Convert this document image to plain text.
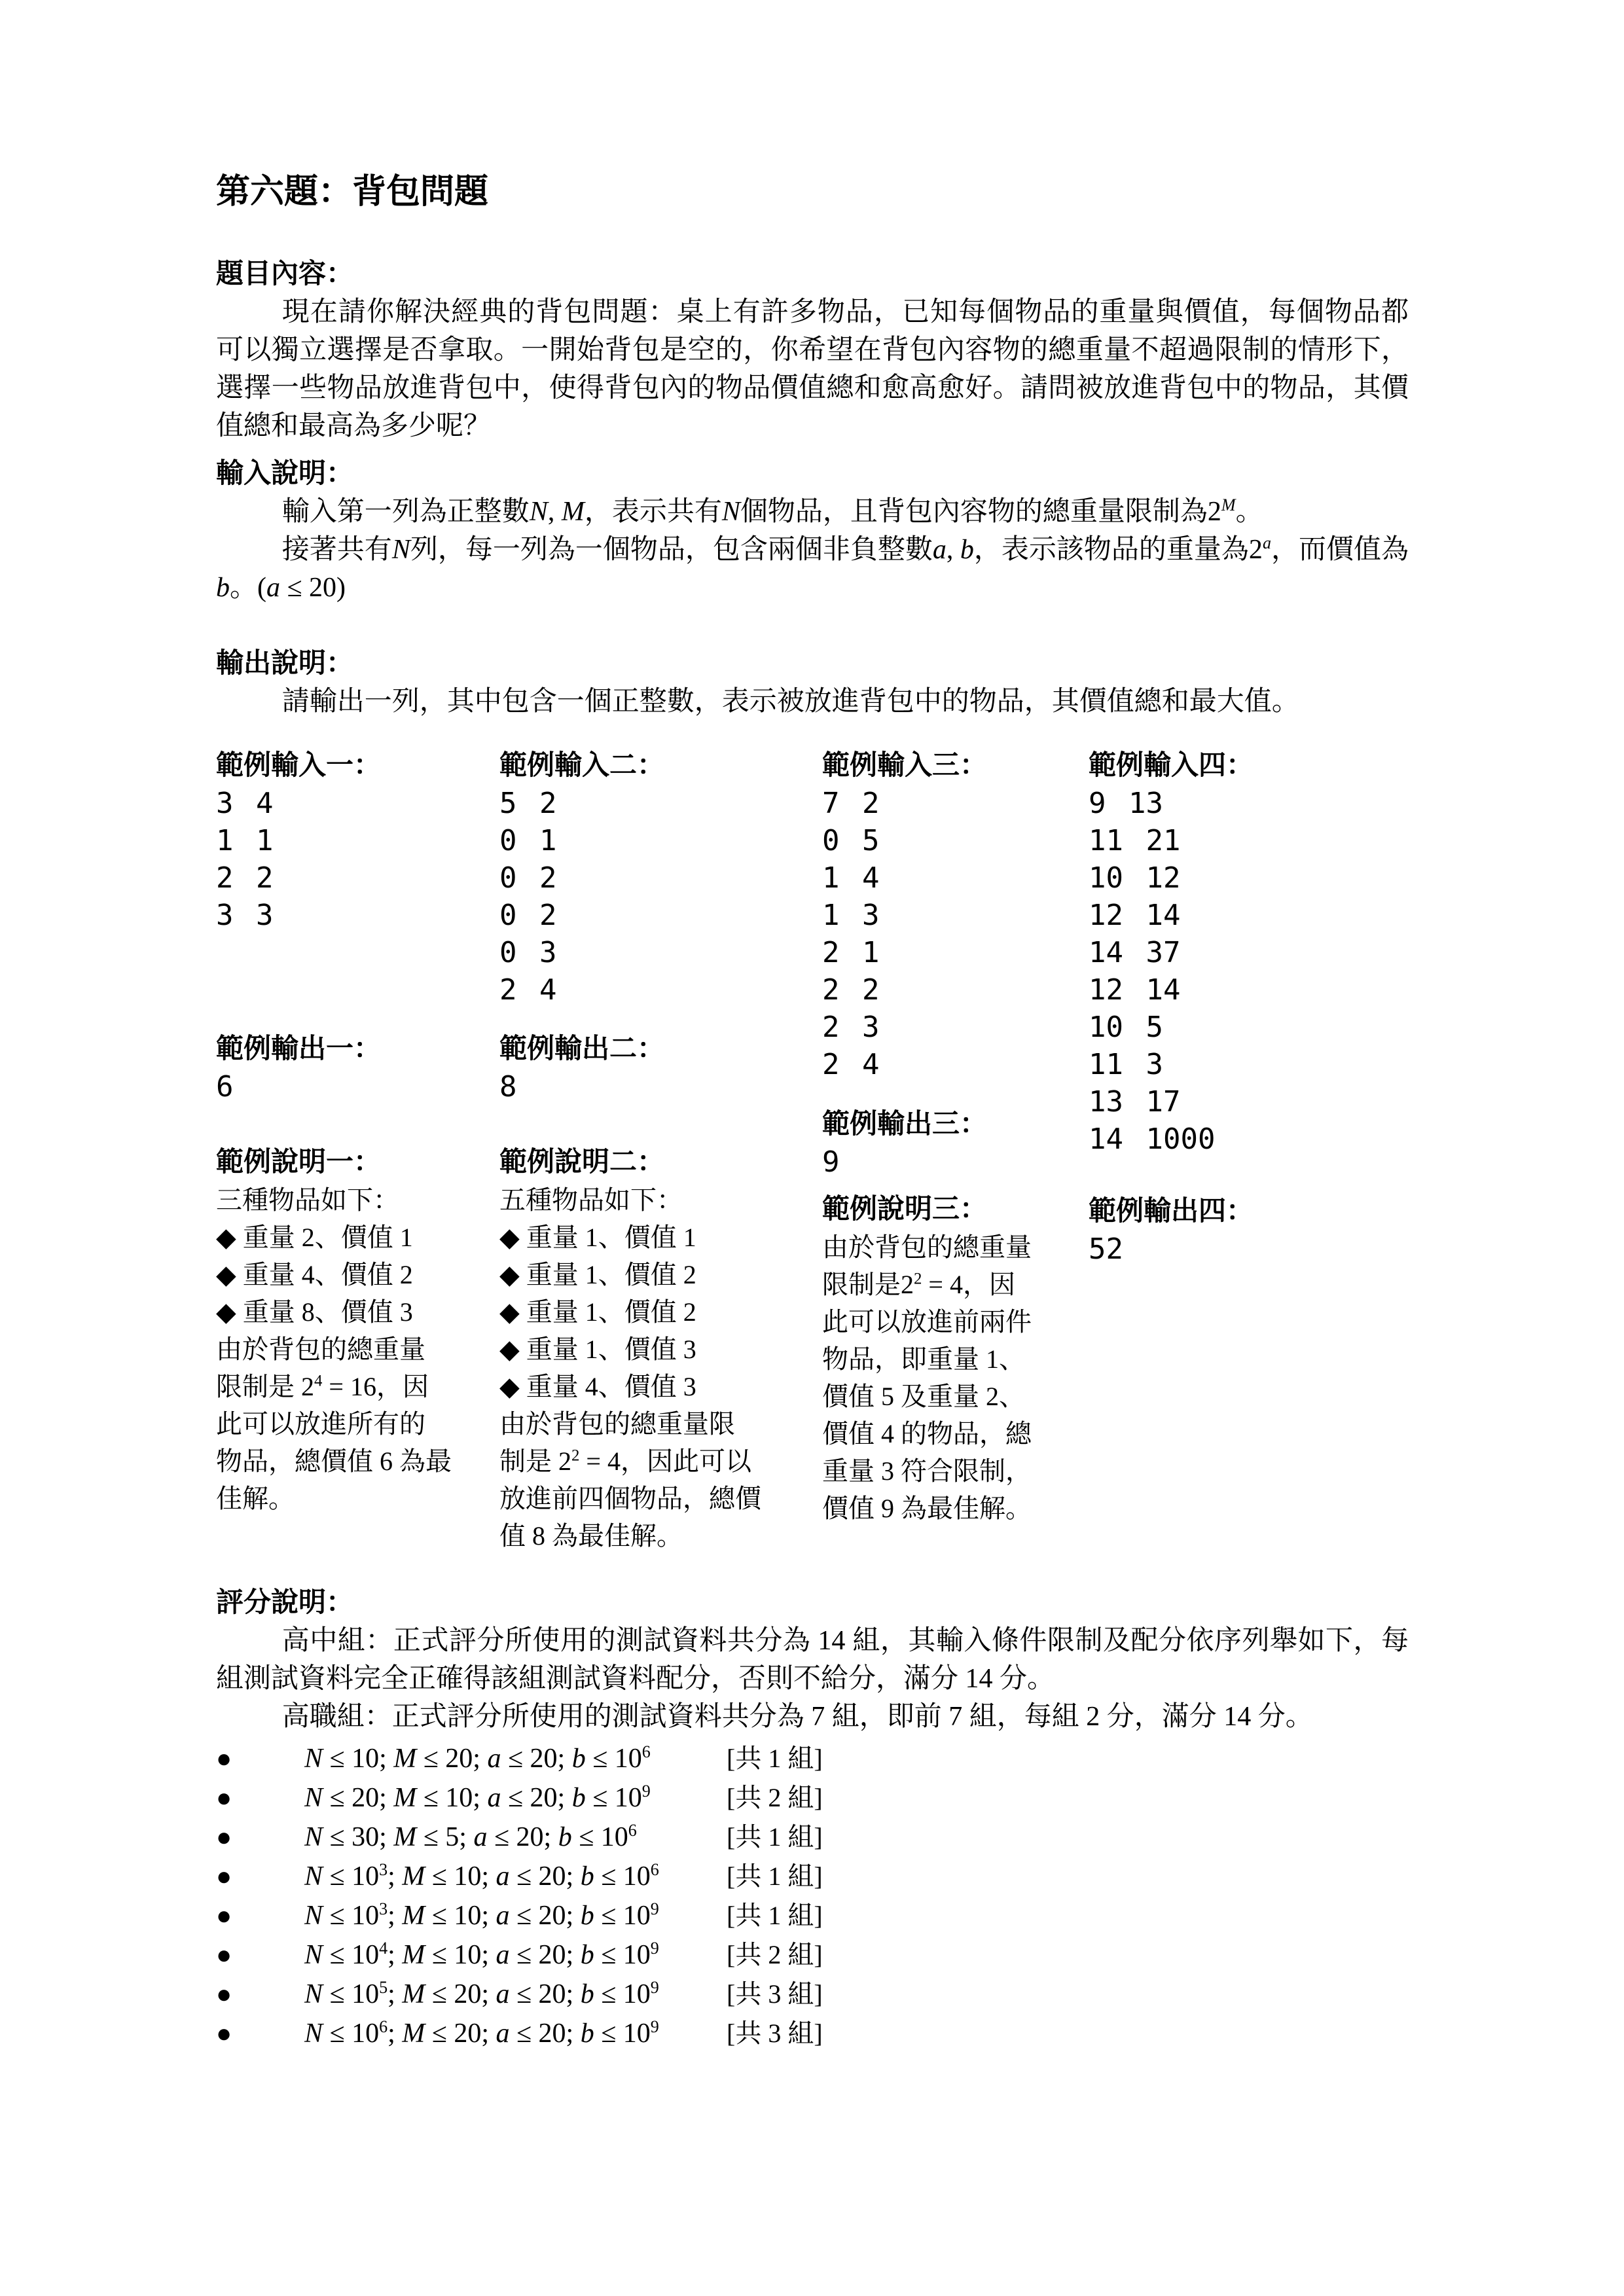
第六題：背包問題
題目內容：

現在請你解決經典的背包問題：桌上有許多物品，已知每個物品的重量與價值，每個物品都可以獨立選擇是否拿取。一開始背包是空的，你希望在背包內容物的總重量不超過限制的情形下，選擇一些物品放進背包中，使得背包內的物品價值總和愈高愈好。請問被放進背包中的物品，其價值總和最高為多少呢？

輸入說明：

輸入第一列為正整數N, M，表示共有N個物品，且背包內容物的總重量限制為$2^M$。

接著共有N列，每一列為一個物品，包含兩個非負整數a, b，表示該物品的重量為2$^a$，而價值為b。(a ≤ 20)

輸出說明：

請輸出一列，其中包含一個正整數，表示被放進背包中的物品，其價值總和最大值。

範例輸入一：
3 4
1 1
2 2
3 3
範例輸出一：
6
範例說明一：
三種物品如下：
◆ 重量 2、價值 1
◆ 重量 4、價值 2
◆ 重量 8、價值 3
由於背包的總重量
限制是 $2^4 = 16$，因
此可以放進所有的
物品，總價值 6 為最
佳解。
範例輸入二：
5 2
0 1
0 2
0 2
0 3
2 4
範例輸出二：
8
範例說明二：
五種物品如下：
◆ 重量 1、價值 1
◆ 重量 1、價值 2
◆ 重量 1、價值 2
◆ 重量 1、價值 3
◆ 重量 4、價值 3
由於背包的總重量限
制是 $2^2 = 4$，因此可以
放進前四個物品，總價
值 8 為最佳解。
範例輸入三：
7 2
0 5
1 4
1 3
2 1
2 2
2 3
2 4
範例輸出三：
9
範例說明三：
由於背包的總重量
限制是$2^2 = 4$，因
此可以放進前兩件
物品，即重量 1、
價值 5 及重量 2、
價值 4 的物品，總
重量 3 符合限制，
價值 9 為最佳解。
範例輸入四：
9 13
11 21
10 12
12 14
14 37
12 14
10 5
11 3
13 17
14 1000
範例輸出四：
52
評分說明：

高中組：正式評分所使用的測試資料共分為 14 組，其輸入條件限制及配分依序列舉如下，每組測試資料完全正確得該組測試資料配分，否則不給分，滿分 14 分。

高職組：正式評分所使用的測試資料共分為 7 組，即前 7 組，每組 2 分，滿分 14 分。

●	N ≤ 10; M ≤ 20; a ≤ 20; $b \le 10^6$	[共 1 組]
●	N ≤ 20; M ≤ 10; a ≤ 20; $b \le 10^9$	[共 2 組]
●	N ≤ 30; M ≤ 5; a ≤ 20; $b \le 10^6$	[共 1 組]
●	$N \le 10^3$; M ≤ 10; a ≤ 20; $b \le 10^6$	[共 1 組]
●	$N \le 10^3$; M ≤ 10; a ≤ 20; $b \le 10^9$	[共 1 組]
●	$N \le 10^4$; M ≤ 10; a ≤ 20; $b \le 10^9$	[共 2 組]
●	$N \le 10^5$; M ≤ 20; a ≤ 20; $b \le 10^9$	[共 3 組]
●	$N \le 10^6$; M ≤ 20; a ≤ 20; $b \le 10^9$	[共 3 組]
